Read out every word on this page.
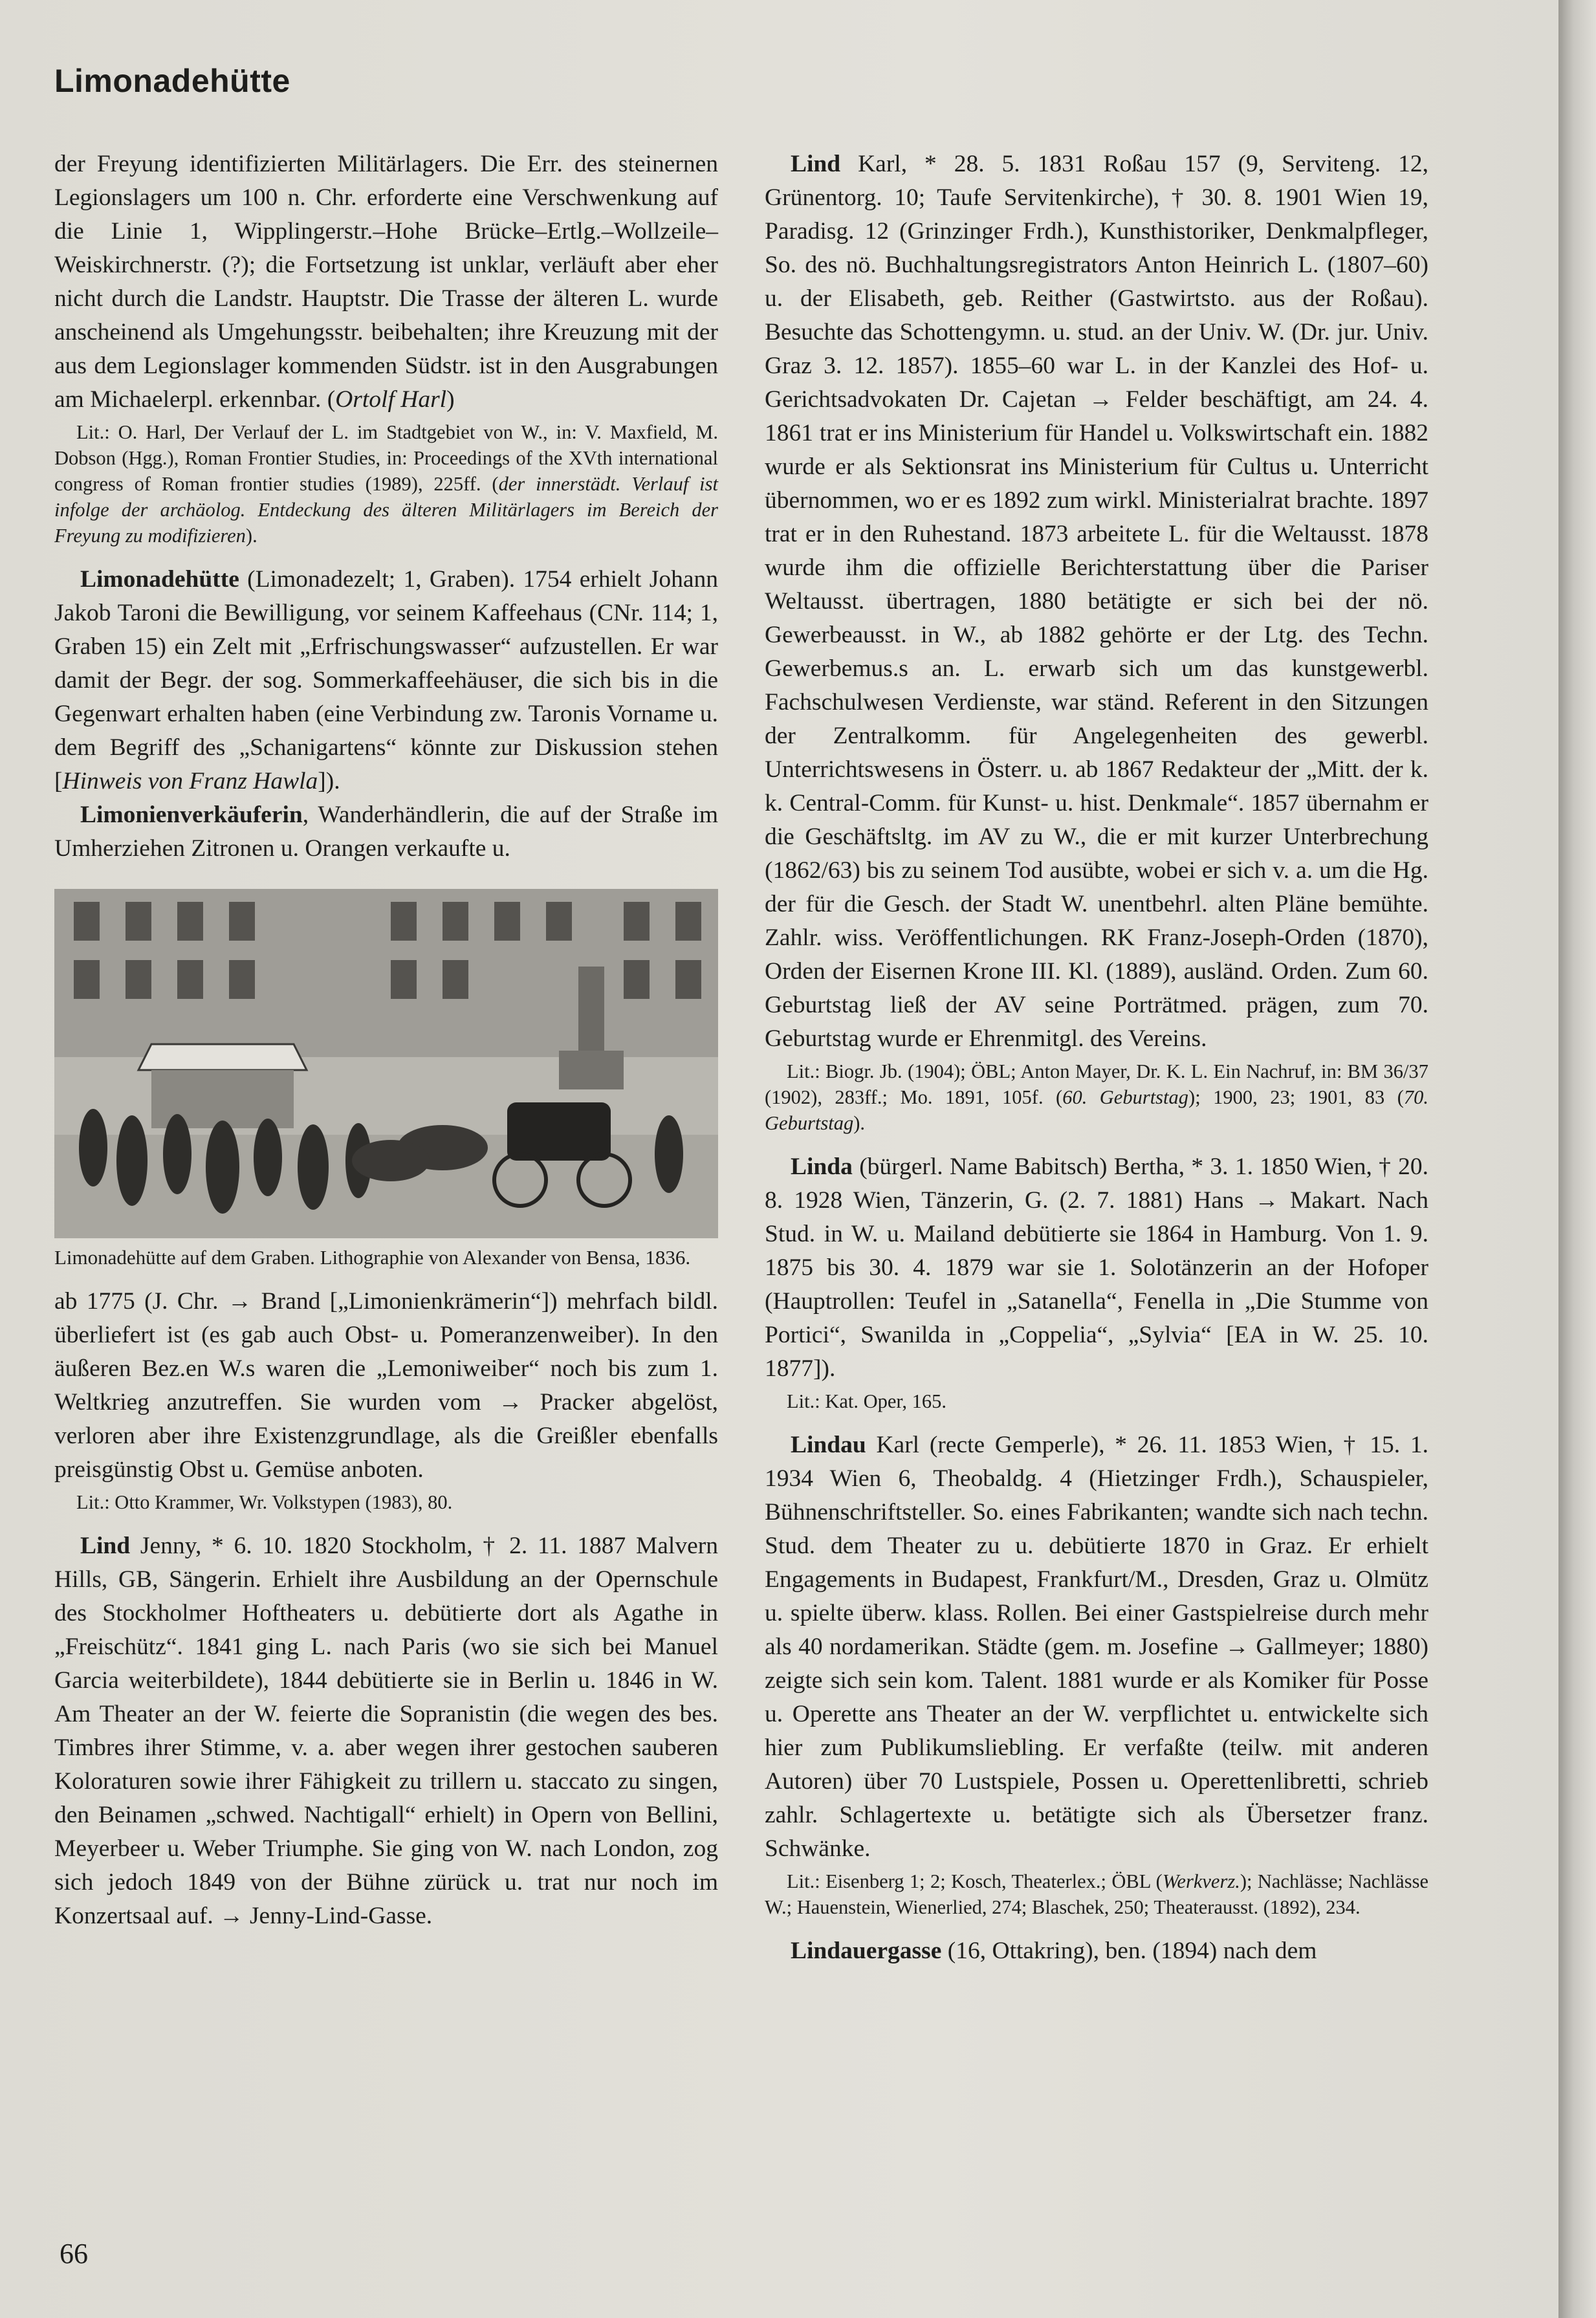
Limonadehütte

der Freyung identifizierten Militärlagers. Die Err. des steinernen Legionslagers um 100 n. Chr. erforderte eine Verschwenkung auf die Linie 1, Wipplingerstr.–Hohe Brücke–Ertlg.–Wollzeile–Weiskirchnerstr. (?); die Fortsetzung ist unklar, verläuft aber eher nicht durch die Landstr. Hauptstr. Die Trasse der älteren L. wurde anscheinend als Umgehungsstr. beibehalten; ihre Kreuzung mit der aus dem Legionslager kommenden Südstr. ist in den Ausgrabungen am Michaelerpl. erkennbar. (Ortolf Harl)

Lit.: O. Harl, Der Verlauf der L. im Stadtgebiet von W., in: V. Maxfield, M. Dobson (Hgg.), Roman Frontier Studies, in: Proceedings of the XVth international congress of Roman frontier studies (1989), 225ff. (der innerstädt. Verlauf ist infolge der archäolog. Entdeckung des älteren Militärlagers im Bereich der Freyung zu modifizieren).

Limonadehütte (Limonadezelt; 1, Graben). 1754 erhielt Johann Jakob Taroni die Bewilligung, vor seinem Kaffeehaus (CNr. 114; 1, Graben 15) ein Zelt mit „Erfrischungswasser“ aufzustellen. Er war damit der Begr. der sog. Sommerkaffeehäuser, die sich bis in die Gegenwart erhalten haben (eine Verbindung zw. Taronis Vorname u. dem Begriff des „Schanigartens“ könnte zur Diskussion stehen [Hinweis von Franz Hawla]).

Limonienverkäuferin, Wanderhändlerin, die auf der Straße im Umherziehen Zitronen u. Orangen verkaufte u.

Limonadehütte auf dem Graben. Lithographie von Alexander von Bensa, 1836.

ab 1775 (J. Chr. → Brand [„Limonienkrämerin“]) mehrfach bildl. überliefert ist (es gab auch Obst- u. Pomeranzenweiber). In den äußeren Bez.en W.s waren die „Lemoniweiber“ noch bis zum 1. Weltkrieg anzutreffen. Sie wurden vom → Pracker abgelöst, verloren aber ihre Existenzgrundlage, als die Greißler ebenfalls preisgünstig Obst u. Gemüse anboten.

Lit.: Otto Krammer, Wr. Volkstypen (1983), 80.

Lind Jenny, * 6. 10. 1820 Stockholm, † 2. 11. 1887 Malvern Hills, GB, Sängerin. Erhielt ihre Ausbildung an der Opernschule des Stockholmer Hoftheaters u. debütierte dort als Agathe in „Freischütz“. 1841 ging L. nach Paris (wo sie sich bei Manuel Garcia weiterbildete), 1844 debütierte sie in Berlin u. 1846 in W. Am Theater an der W. feierte die Sopranistin (die wegen des bes. Timbres ihrer Stimme, v. a. aber wegen ihrer gestochen sauberen Koloraturen sowie ihrer Fähigkeit zu trillern u. staccato zu singen, den Beinamen „schwed. Nachtigall“ erhielt) in Opern von Bellini, Meyerbeer u. Weber Triumphe. Sie ging von W. nach London, zog sich jedoch 1849 von der Bühne zürück u. trat nur noch im Konzertsaal auf. → Jenny-Lind-Gasse.

Lind Karl, * 28. 5. 1831 Roßau 157 (9, Serviteng. 12, Grünentorg. 10; Taufe Servitenkirche), † 30. 8. 1901 Wien 19, Paradisg. 12 (Grinzinger Frdh.), Kunsthistoriker, Denkmalpfleger, So. des nö. Buchhaltungsregistrators Anton Heinrich L. (1807–60) u. der Elisabeth, geb. Reither (Gastwirtsto. aus der Roßau). Besuchte das Schottengymn. u. stud. an der Univ. W. (Dr. jur. Univ. Graz 3. 12. 1857). 1855–60 war L. in der Kanzlei des Hof- u. Gerichtsadvokaten Dr. Cajetan → Felder beschäftigt, am 24. 4. 1861 trat er ins Ministerium für Handel u. Volkswirtschaft ein. 1882 wurde er als Sektionsrat ins Ministerium für Cultus u. Unterricht übernommen, wo er es 1892 zum wirkl. Ministerialrat brachte. 1897 trat er in den Ruhestand. 1873 arbeitete L. für die Weltausst. 1878 wurde ihm die offizielle Berichterstattung über die Pariser Weltausst. übertragen, 1880 betätigte er sich bei der nö. Gewerbeausst. in W., ab 1882 gehörte er der Ltg. des Techn. Gewerbemus.s an. L. erwarb sich um das kunstgewerbl. Fachschulwesen Verdienste, war ständ. Referent in den Sitzungen der Zentralkomm. für Angelegenheiten des gewerbl. Unterrichtswesens in Österr. u. ab 1867 Redakteur der „Mitt. der k. k. Central-Comm. für Kunst- u. hist. Denkmale“. 1857 übernahm er die Geschäftsltg. im AV zu W., die er mit kurzer Unterbrechung (1862/63) bis zu seinem Tod ausübte, wobei er sich v. a. um die Hg. der für die Gesch. der Stadt W. unentbehrl. alten Pläne bemühte. Zahlr. wiss. Veröffentlichungen. RK Franz-Joseph-Orden (1870), Orden der Eisernen Krone III. Kl. (1889), ausländ. Orden. Zum 60. Geburtstag ließ der AV seine Porträtmed. prägen, zum 70. Geburtstag wurde er Ehrenmitgl. des Vereins.

Lit.: Biogr. Jb. (1904); ÖBL; Anton Mayer, Dr. K. L. Ein Nachruf, in: BM 36/37 (1902), 283ff.; Mo. 1891, 105f. (60. Geburtstag); 1900, 23; 1901, 83 (70. Geburtstag).

Linda (bürgerl. Name Babitsch) Bertha, * 3. 1. 1850 Wien, † 20. 8. 1928 Wien, Tänzerin, G. (2. 7. 1881) Hans → Makart. Nach Stud. in W. u. Mailand debütierte sie 1864 in Hamburg. Von 1. 9. 1875 bis 30. 4. 1879 war sie 1. Solotänzerin an der Hofoper (Hauptrollen: Teufel in „Satanella“, Fenella in „Die Stumme von Portici“, Swanilda in „Coppelia“, „Sylvia“ [EA in W. 25. 10. 1877]).

Lit.: Kat. Oper, 165.

Lindau Karl (recte Gemperle), * 26. 11. 1853 Wien, † 15. 1. 1934 Wien 6, Theobaldg. 4 (Hietzinger Frdh.), Schauspieler, Bühnenschriftsteller. So. eines Fabrikanten; wandte sich nach techn. Stud. dem Theater zu u. debütierte 1870 in Graz. Er erhielt Engagements in Budapest, Frankfurt/M., Dresden, Graz u. Olmütz u. spielte überw. klass. Rollen. Bei einer Gastspielreise durch mehr als 40 nordamerikan. Städte (gem. m. Josefine → Gallmeyer; 1880) zeigte sich sein kom. Talent. 1881 wurde er als Komiker für Posse u. Operette ans Theater an der W. verpflichtet u. entwickelte sich hier zum Publikumsliebling. Er verfaßte (teilw. mit anderen Autoren) über 70 Lustspiele, Possen u. Operettenlibretti, schrieb zahlr. Schlagertexte u. betätigte sich als Übersetzer franz. Schwänke.

Lit.: Eisenberg 1; 2; Kosch, Theaterlex.; ÖBL (Werkverz.); Nachlässe; Nachlässe W.; Hauenstein, Wienerlied, 274; Blaschek, 250; Theaterausst. (1892), 234.

Lindauergasse (16, Ottakring), ben. (1894) nach dem

66
